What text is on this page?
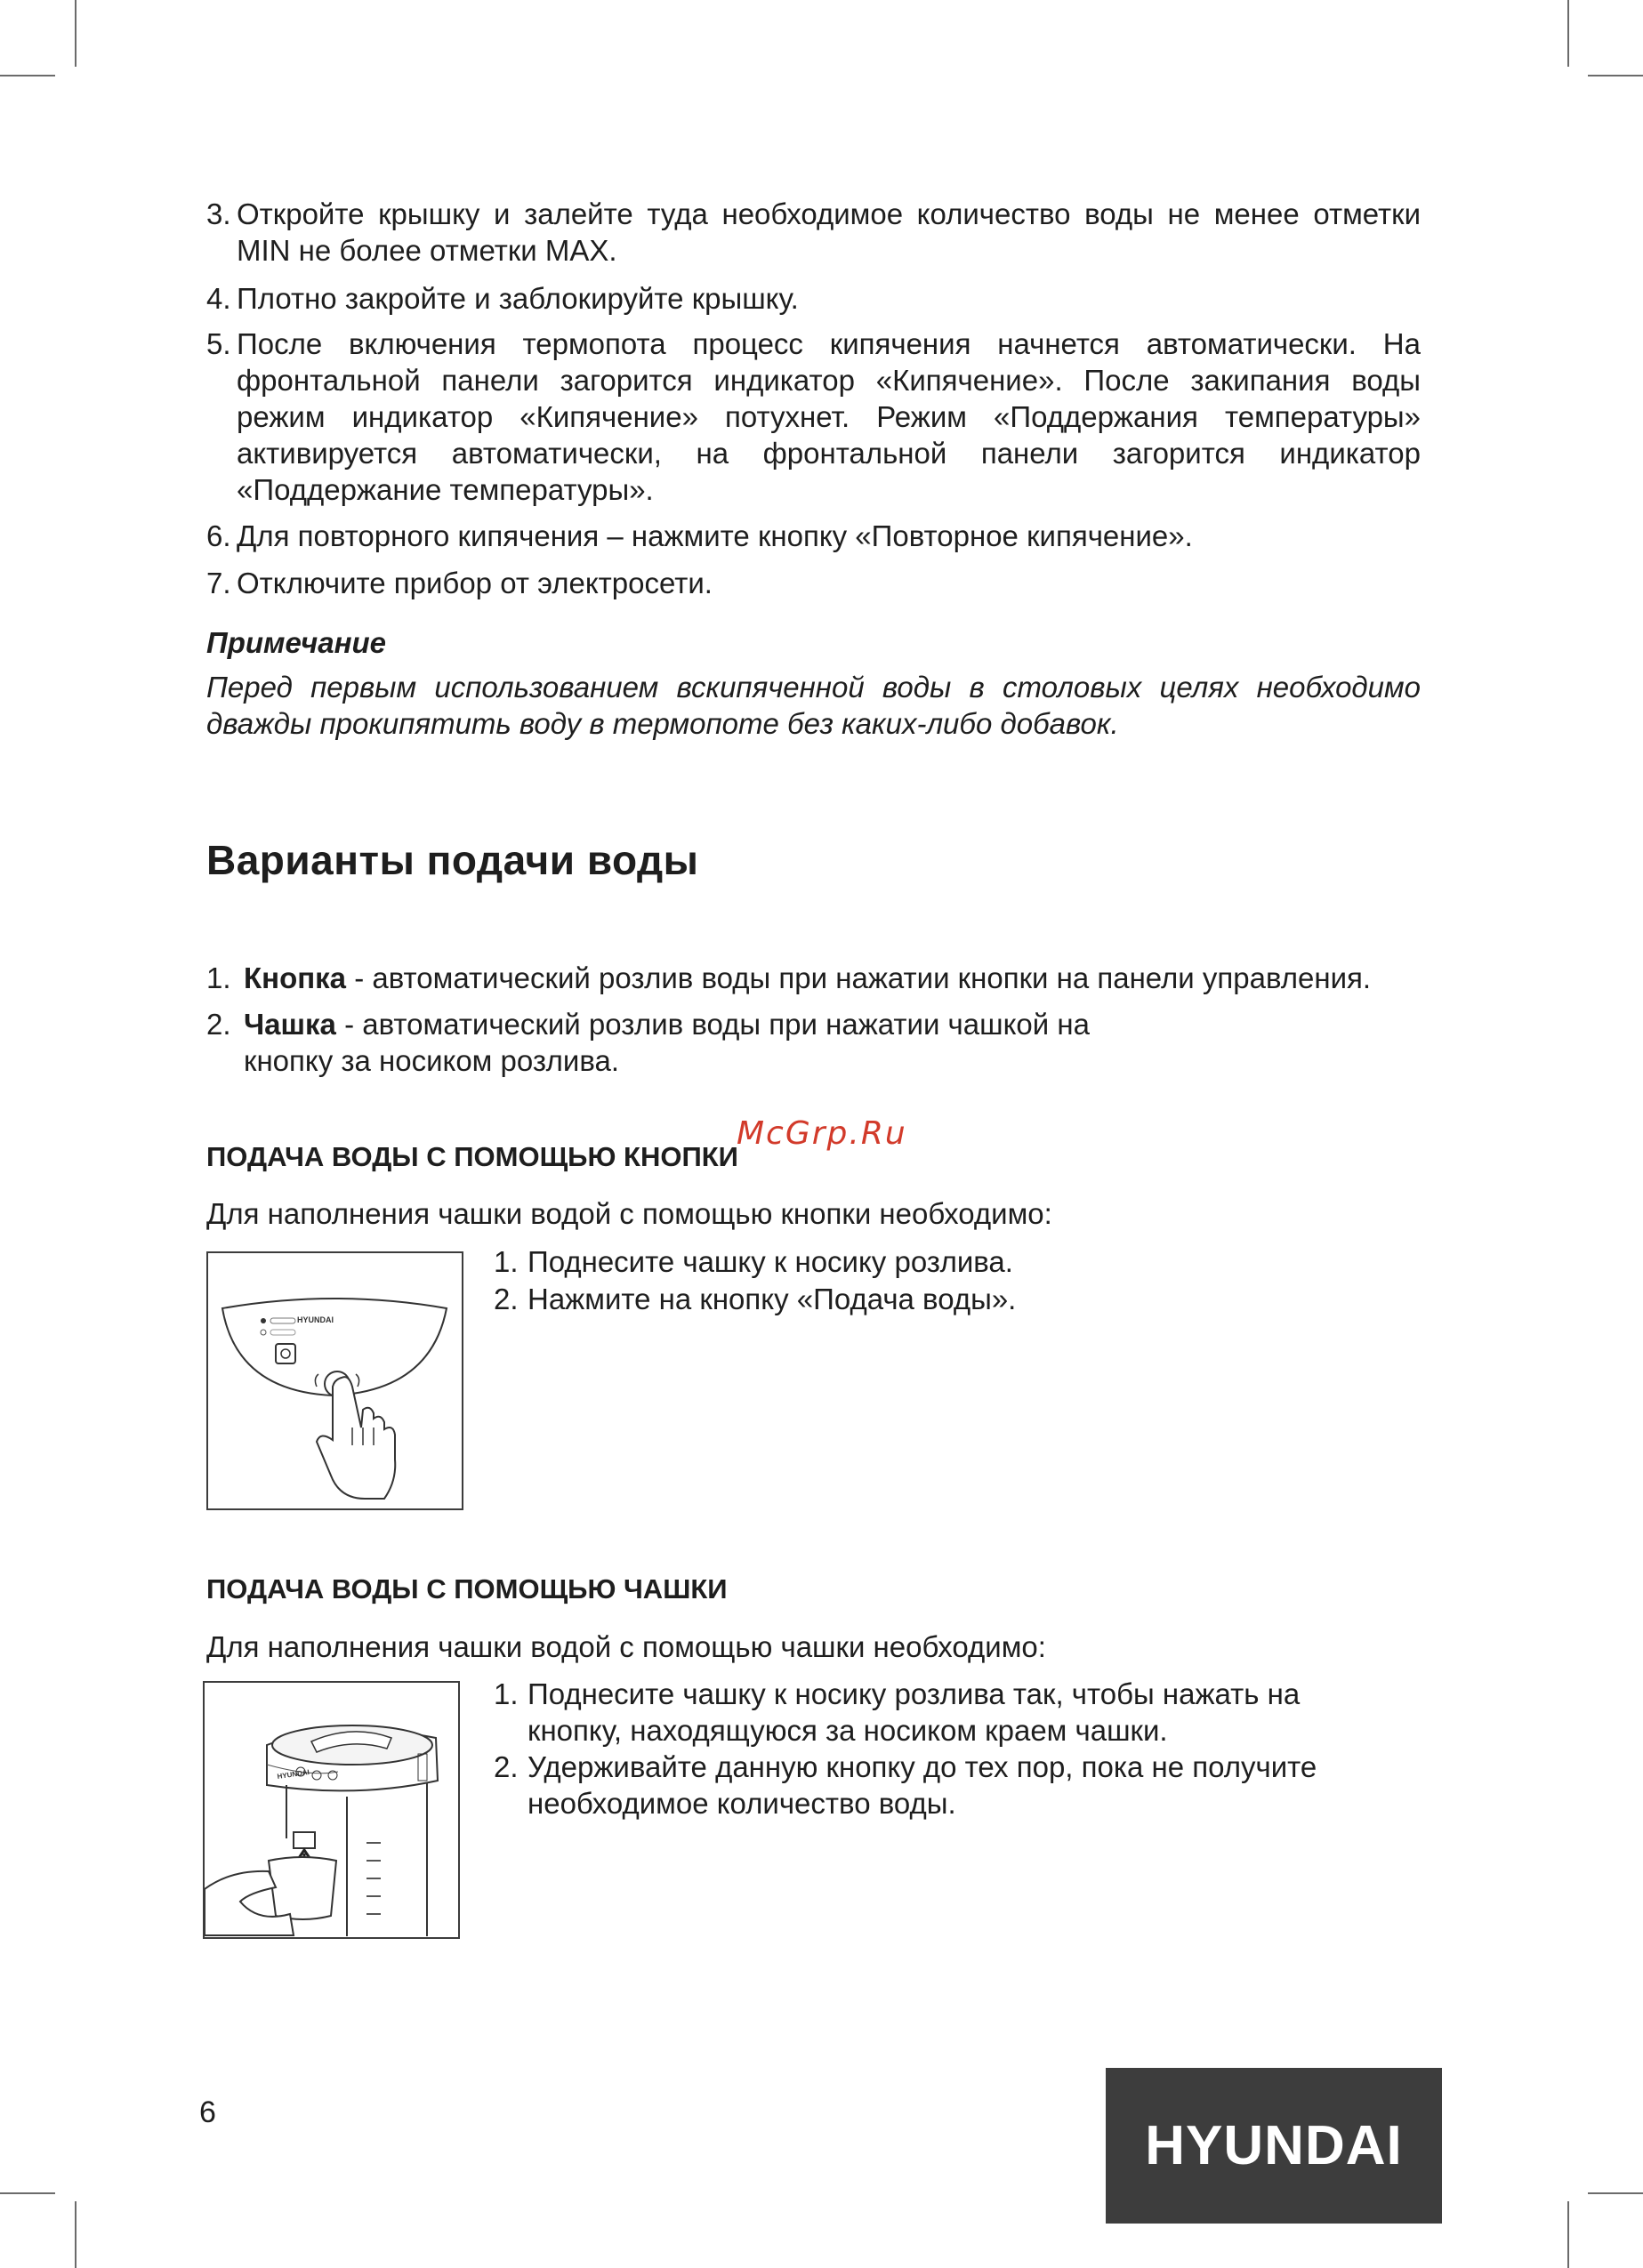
3. Откройте крышку и залейте туда необходимое количество воды не менее отметки MIN не более отметки MAX.
4. Плотно закройте и заблокируйте крышку.
5. После включения термопота процесс кипячения начнется автоматически. На фронтальной панели загорится индикатор «Кипячение». После закипания воды режим индикатор «Кипячение» потухнет. Режим «Поддержания температуры» активируется автоматически, на фронтальной панели загорится индикатор «Поддержание температуры».
6. Для повторного кипячения – нажмите кнопку «Повторное кипячение».
7. Отключите прибор от электросети.
Примечание
Перед первым использованием вскипяченной воды в столовых целях необходимо дважды прокипятить воду в термопоте без каких-либо добавок.
Варианты подачи воды
1. Кнопка - автоматический розлив воды при нажатии кнопки на панели управления.
2. Чашка - автоматический розлив воды при нажатии чашкой на кнопку за носиком розлива.
McGrp.Ru
ПОДАЧА ВОДЫ С ПОМОЩЬЮ КНОПКИ
Для наполнения чашки водой с помощью кнопки необходимо:
HYUNDAI
1. Поднесите чашку к носику розлива.
2. Нажмите на кнопку «Подача воды».
ПОДАЧА ВОДЫ С ПОМОЩЬЮ ЧАШКИ
Для наполнения чашки водой с помощью чашки необходимо:
HYUNDAI
1. Поднесите чашку к носику розлива так, чтобы нажать на кнопку, находящуюся за носиком краем чашки.
2. Удерживайте данную кнопку до тех пор, пока не получите необходимое количество воды.
6
HYUNDAI
